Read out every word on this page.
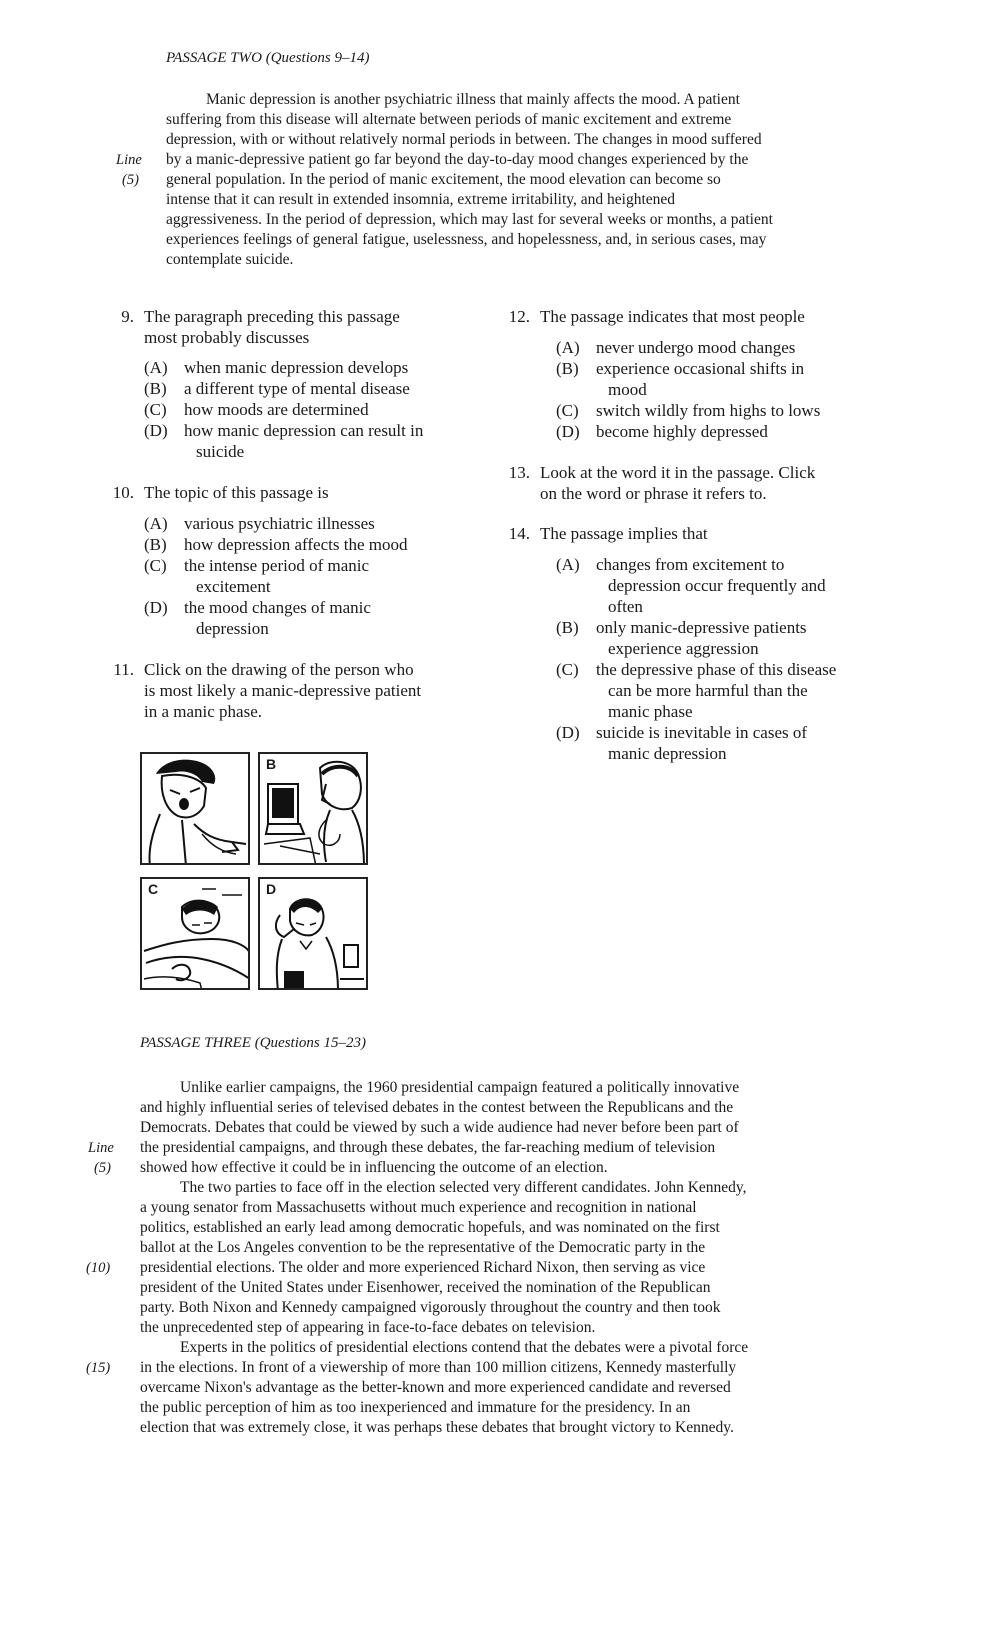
PASSAGE TWO (Questions 9–14)
Manic depression is another psychiatric illness that mainly affects the mood. A patient
suffering from this disease will alternate between periods of manic excitement and extreme
depression, with or without relatively normal periods in between. The changes in mood suffered
by a manic-depressive patient go far beyond the day-to-day mood changes experienced by the
general population. In the period of manic excitement, the mood elevation can become so
intense that it can result in extended insomnia, extreme irritability, and heightened
aggressiveness. In the period of depression, which may last for several weeks or months, a patient
experiences feelings of general fatigue, uselessness, and hopelessness, and, in serious cases, may
contemplate suicide.
Line
(5)
9. The paragraph preceding this passage
most probably discusses
(A) when manic depression develops
(B) a different type of mental disease
(C) how moods are determined
(D) how manic depression can result in
suicide
10. The topic of this passage is
(A) various psychiatric illnesses
(B) how depression affects the mood
(C) the intense period of manic
excitement
(D) the mood changes of manic
depression
11. Click on the drawing of the person who
is most likely a manic-depressive patient
in a manic phase.
A	B
C	D
12. The passage indicates that most people
(A) never undergo mood changes
(B) experience occasional shifts in
mood
(C) switch wildly from highs to lows
(D) become highly depressed
13. Look at the word it in the passage. Click
on the word or phrase it refers to.
14. The passage implies that
(A) changes from excitement to
depression occur frequently and
often
(B) only manic-depressive patients
experience aggression
(C) the depressive phase of this disease
can be more harmful than the
manic phase
(D) suicide is inevitable in cases of
manic depression
PASSAGE THREE (Questions 15–23)
Unlike earlier campaigns, the 1960 presidential campaign featured a politically innovative
and highly influential series of televised debates in the contest between the Republicans and the
Democrats. Debates that could be viewed by such a wide audience had never before been part of
the presidential campaigns, and through these debates, the far-reaching medium of television
showed how effective it could be in influencing the outcome of an election.
The two parties to face off in the election selected very different candidates. John Kennedy,
a young senator from Massachusetts without much experience and recognition in national
politics, established an early lead among democratic hopefuls, and was nominated on the first
ballot at the Los Angeles convention to be the representative of the Democratic party in the
presidential elections. The older and more experienced Richard Nixon, then serving as vice
president of the United States under Eisenhower, received the nomination of the Republican
party. Both Nixon and Kennedy campaigned vigorously throughout the country and then took
the unprecedented step of appearing in face-to-face debates on television.
Experts in the politics of presidential elections contend that the debates were a pivotal force
in the elections. In front of a viewership of more than 100 million citizens, Kennedy masterfully
overcame Nixon's advantage as the better-known and more experienced candidate and reversed
the public perception of him as too inexperienced and immature for the presidency. In an
election that was extremely close, it was perhaps these debates that brought victory to Kennedy.
Line
(5)
(10)
(15)
